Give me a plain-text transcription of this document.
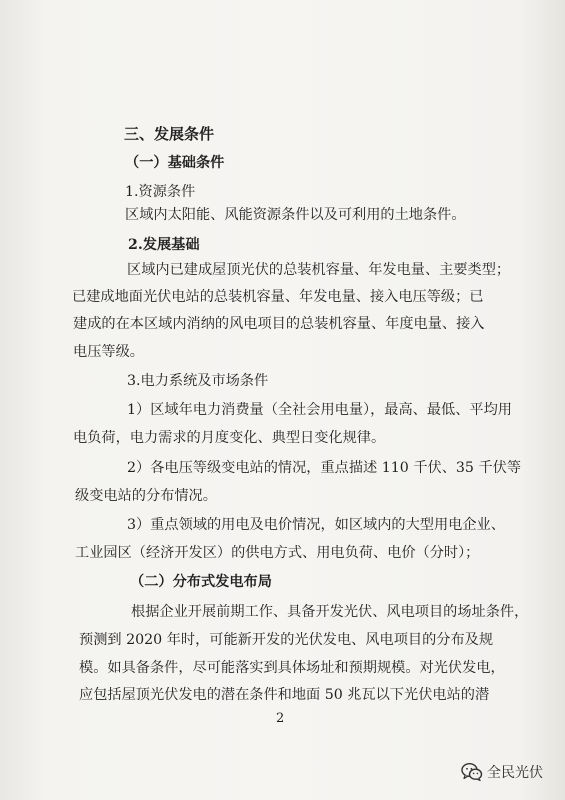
三、发展条件
（一）基础条件
1.资源条件
区域内太阳能、风能资源条件以及可利用的土地条件。
2.发展基础
区域内已建成屋顶光伏的总装机容量、年发电量、主要类型；
已建成地面光伏电站的总装机容量、年发电量、接入电压等级；已
建成的在本区域内消纳的风电项目的总装机容量、年度电量、接入
电压等级。
3.电力系统及市场条件
1）区域年电力消费量（全社会用电量），最高、最低、平均用
电负荷，电力需求的月度变化、典型日变化规律。
2）各电压等级变电站的情况，重点描述 110 千伏、35 千伏等
级变电站的分布情况。
3）重点领域的用电及电价情况，如区域内的大型用电企业、
工业园区（经济开发区）的供电方式、用电负荷、电价（分时）；
（二）分布式发电布局
根据企业开展前期工作、具备开发光伏、风电项目的场址条件，
预测到 2020 年时，可能新开发的光伏发电、风电项目的分布及规
模。如具备条件，尽可能落实到具体场址和预期规模。对光伏发电，
应包括屋顶光伏发电的潜在条件和地面 50 兆瓦以下光伏电站的潜
2
全民光伏
